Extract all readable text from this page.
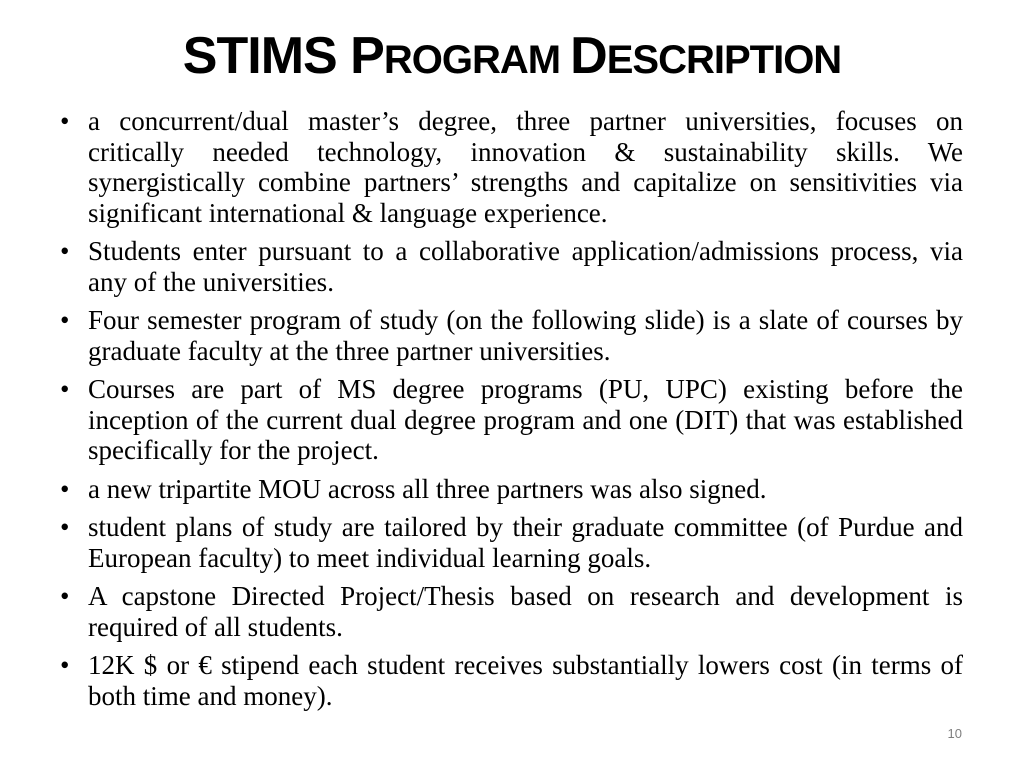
STIMS PROGRAM DESCRIPTION
• a concurrent/dual master’s degree, three partner universities, focuses on critically needed technology, innovation & sustainability skills. We synergistically combine partners’ strengths and capitalize on sensitivities via significant international & language experience.
• Students enter pursuant to a collaborative application/admissions process, via any of the universities.
• Four semester program of study (on the following slide) is a slate of courses by graduate faculty at the three partner universities.
• Courses are part of MS degree programs (PU, UPC) existing before the inception of the current dual degree program and one (DIT) that was established specifically for the project.
• a new tripartite MOU across all three partners was also signed.
• student plans of study are tailored by their graduate committee (of Purdue and European faculty) to meet individual learning goals.
• A capstone Directed Project/Thesis based on research and development is required of all students.
• 12K $ or € stipend each student receives substantially lowers cost (in terms of both time and money).
10
